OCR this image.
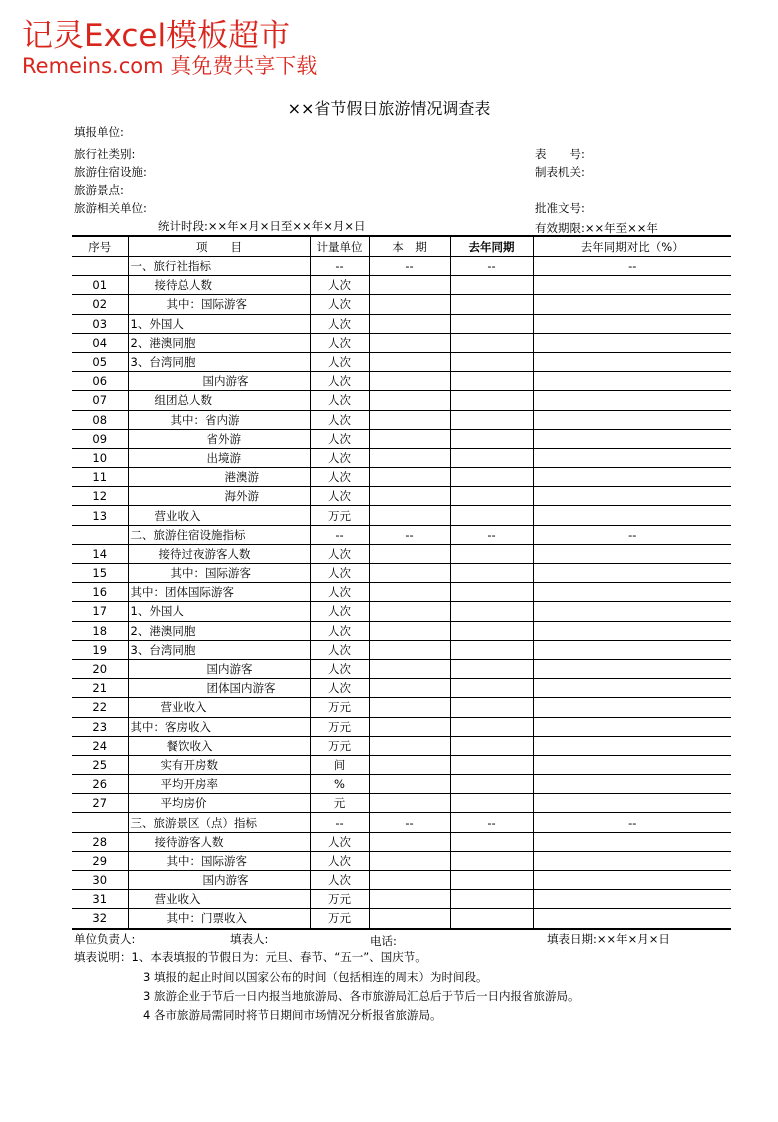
记灵Excel模板超市
Remeins.com 真免费共享下载
××省节假日旅游情况调查表
填报单位:
旅行社类别:
旅游住宿设施:
旅游景点:
旅游相关单位:
统计时段:××年×月×日至××年×月×日
表　　号:
制表机关:
批准文号:
有效期限:××年至××年
序号	项　　目	计量单位	本　期	去年同期	去年同期对比（%）
	一、旅行社指标	--	--	--	--
01	接待总人数	人次			
02	其中：国际游客	人次			
03	1、外国人	人次			
04	2、港澳同胞	人次			
05	3、台湾同胞	人次			
06	国内游客	人次			
07	组团总人数	人次			
08	其中：省内游	人次			
09	省外游	人次			
10	出境游	人次			
11	港澳游	人次			
12	海外游	人次			
13	营业收入	万元			
	二、旅游住宿设施指标	--	--	--	--
14	接待过夜游客人数	人次			
15	其中：国际游客	人次			
16	其中：团体国际游客	人次			
17	1、外国人	人次			
18	2、港澳同胞	人次			
19	3、台湾同胞	人次			
20	国内游客	人次			
21	团体国内游客	人次			
22	营业收入	万元			
23	其中：客房收入	万元			
24	餐饮收入	万元			
25	实有开房数	间			
26	平均开房率	%			
27	平均房价	元			
	三、旅游景区（点）指标	--	--	--	--
28	接待游客人数	人次			
29	其中：国际游客	人次			
30	国内游客	人次			
31	营业收入	万元			
32	其中：门票收入	万元			
单位负责人:	填表人:	电话:	填表日期:××年×月×日
填表说明：1、本表填报的节假日为：元旦、春节、“五一”、国庆节。
3 填报的起止时间以国家公布的时间（包括相连的周末）为时间段。
3 旅游企业于节后一日内报当地旅游局、各市旅游局汇总后于节后一日内报省旅游局。
4 各市旅游局需同时将节日期间市场情况分析报省旅游局。
